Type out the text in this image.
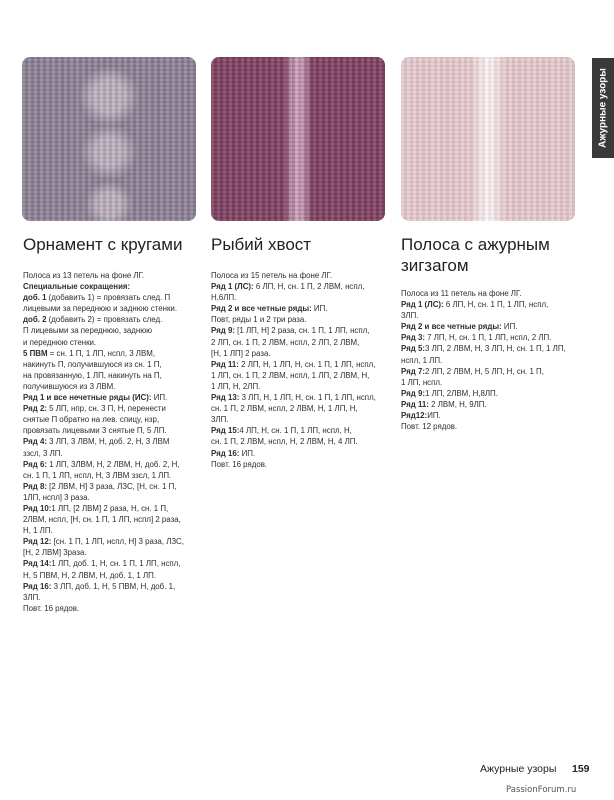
Ажурные узоры
Орнамент с кругами
Полоса из 13 петель на фоне ЛГ.
Специальные сокращения:
доб. 1 (добавить 1) = провязать след. П
лицевыми за переднюю и заднюю стенки.
доб. 2 (добавить 2) = провязать след.
П лицевыми за переднюю, заднюю
и переднюю стенки.
5 ПВМ = сн. 1 П, 1 ЛП, нспл, 3 ЛВМ,
накинуть П, получившуюся из сн. 1 П,
на провязанную, 1 ЛП, накинуть на П,
получившуюся из 3 ЛВМ.
Ряд 1 и все нечетные ряды (ИС): ИП.
Ряд 2: 5 ЛП, нпр, сн. 3 П, Н, перенести
снятые П обратно на лев. спицу, нзр,
провязать лицевыми 3 снятые П, 5 ЛП.
Ряд 4: 3 ЛП, 3 ЛВМ, Н, доб. 2, Н, 3 ЛВМ
ззсл, 3 ЛП.
Ряд 6: 1 ЛП, 3ЛВМ, Н, 2 ЛВМ, Н, доб. 2, Н,
сн. 1 П, 1 ЛП, нспл, Н, 3 ЛВМ ззсл, 1 ЛП.
Ряд 8: [2 ЛВМ, Н] 3 раза, ЛЗС, [Н, сн. 1 П,
1ЛП, нспл] 3 раза.
Ряд 10:1 ЛП, [2 ЛВМ] 2 раза, Н, сн. 1 П,
2ЛВМ, нспл, [Н, сн. 1 П, 1 ЛП, нспл] 2 раза,
Н, 1 ЛП.
Ряд 12: [сн. 1 П, 1 ЛП, нспл, Н] 3 раза, ЛЗС,
[Н, 2 ЛВМ] 3раза.
Ряд 14:1 ЛП, доб. 1, Н, сн. 1 П, 1 ЛП, нспл,
Н, 5 ПВМ, Н, 2 ЛВМ, Н, доб. 1, 1 ЛП.
Ряд 16: 3 ЛП, доб. 1, Н, 5 ПВМ, Н, доб. 1,
3ЛП.
Повт. 16 рядов.
Рыбий хвост
Полоса из 15 петель на фоне ЛГ.
Ряд 1 (ЛС): 6 ЛП, Н, сн. 1 П, 2 ЛВМ, нспл,
Н,6ЛП.
Ряд 2 и все четные ряды: ИП.
Повт, ряды 1 и 2 три раза.
Ряд 9: [1 ЛП, Н] 2 раза, сн. 1 П, 1 ЛП, нспл,
2 ЛП, сн. 1 П, 2 ЛВМ, нспл, 2 ЛП, 2 ЛВМ,
[Н, 1 ЛП] 2 раза.
Ряд 11: 2 ЛП, Н, 1 ЛП, Н, сн. 1 П, 1 ЛП, нспл,
1 ЛП, сн. 1 П, 2 ЛВМ, нспл, 1 ЛП, 2 ЛВМ, Н,
1 ЛП, Н, 2ЛП.
Ряд 13: 3 ЛП, Н, 1 ЛП, Н, сн. 1 П, 1 ЛП, нспл,
сн. 1 П, 2 ЛВМ, нспл, 2 ЛВМ, Н, 1 ЛП, Н,
3ЛП.
Ряд 15:4 ЛП, Н, сн. 1 П, 1 ЛП, нспл, Н,
сн. 1 П, 2 ЛВМ, нспл, Н, 2 ЛВМ, Н, 4 ЛП.
Ряд 16: ИП.
Повт. 16 рядов.
Полоса с ажурным
зигзагом
Полоса из 11 петель на фоне ЛГ.
Ряд 1 (ЛС): 6 ЛП, Н, сн. 1 П, 1 ЛП, нспл,
3ЛП.
Ряд 2 и все четные ряды: ИП.
Ряд 3: 7 ЛП, Н, сн. 1 П, 1 ЛП, нспл, 2 ЛП.
Ряд 5:3 ЛП, 2 ЛВМ, Н, 3 ЛП, Н, сн. 1 П, 1 ЛП,
нспл, 1 ЛП.
Ряд 7:2 ЛП, 2 ЛВМ, Н, 5 ЛП, Н, сн. 1 П,
1 ЛП, нспл.
Ряд 9:1 ЛП, 2ЛВМ, Н,8ЛП.
Ряд 11: 2 ЛВМ, Н, 9ЛП.
Ряд12:ИП.
Повт. 12 рядов.
Ажурные узоры 159
PassionForum.ru
